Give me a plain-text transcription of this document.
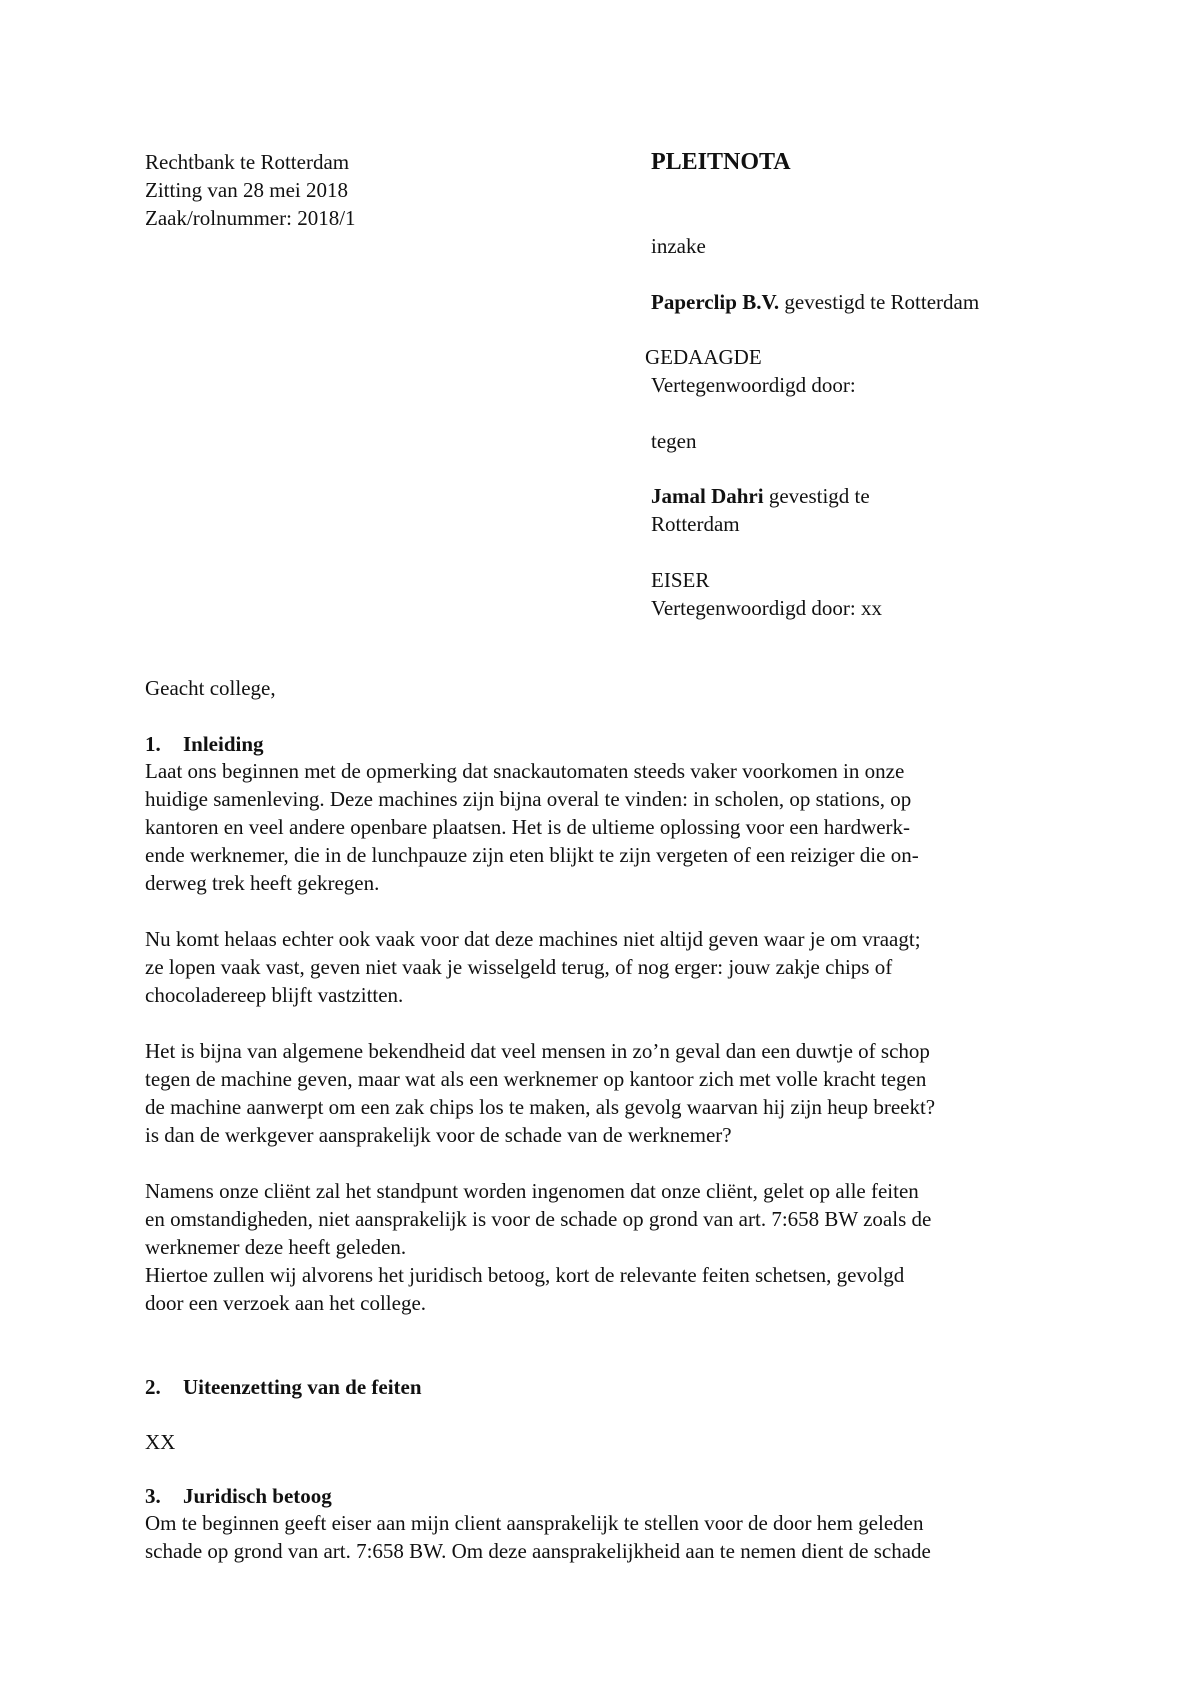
Rechtbank te Rotterdam
Zitting van 28 mei 2018
Zaak/rolnummer: 2018/1
PLEITNOTA
inzake
Paperclip B.V. gevestigd te Rotterdam
GEDAAGDE
Vertegenwoordigd door:
tegen
Jamal Dahri gevestigd te
Rotterdam
EISER
Vertegenwoordigd door: xx
Geacht college,
1. Inleiding
Laat ons beginnen met de opmerking dat snackautomaten steeds vaker voorkomen in onze
huidige samenleving. Deze machines zijn bijna overal te vinden: in scholen, op stations, op
kantoren en veel andere openbare plaatsen. Het is de ultieme oplossing voor een hardwerk-
ende werknemer, die in de lunchpauze zijn eten blijkt te zijn vergeten of een reiziger die on-
derweg trek heeft gekregen.
Nu komt helaas echter ook vaak voor dat deze machines niet altijd geven waar je om vraagt;
ze lopen vaak vast, geven niet vaak je wisselgeld terug, of nog erger: jouw zakje chips of
chocoladereep blijft vastzitten.
Het is bijna van algemene bekendheid dat veel mensen in zo’n geval dan een duwtje of schop
tegen de machine geven, maar wat als een werknemer op kantoor zich met volle kracht tegen
de machine aanwerpt om een zak chips los te maken, als gevolg waarvan hij zijn heup breekt?
is dan de werkgever aansprakelijk voor de schade van de werknemer?
Namens onze cliënt zal het standpunt worden ingenomen dat onze cliënt, gelet op alle feiten
en omstandigheden, niet aansprakelijk is voor de schade op grond van art. 7:658 BW zoals de
werknemer deze heeft geleden.
Hiertoe zullen wij alvorens het juridisch betoog, kort de relevante feiten schetsen, gevolgd
door een verzoek aan het college.
2. Uiteenzetting van de feiten
XX
3. Juridisch betoog
Om te beginnen geeft eiser aan mijn client aansprakelijk te stellen voor de door hem geleden
schade op grond van art. 7:658 BW. Om deze aansprakelijkheid aan te nemen dient de schade
